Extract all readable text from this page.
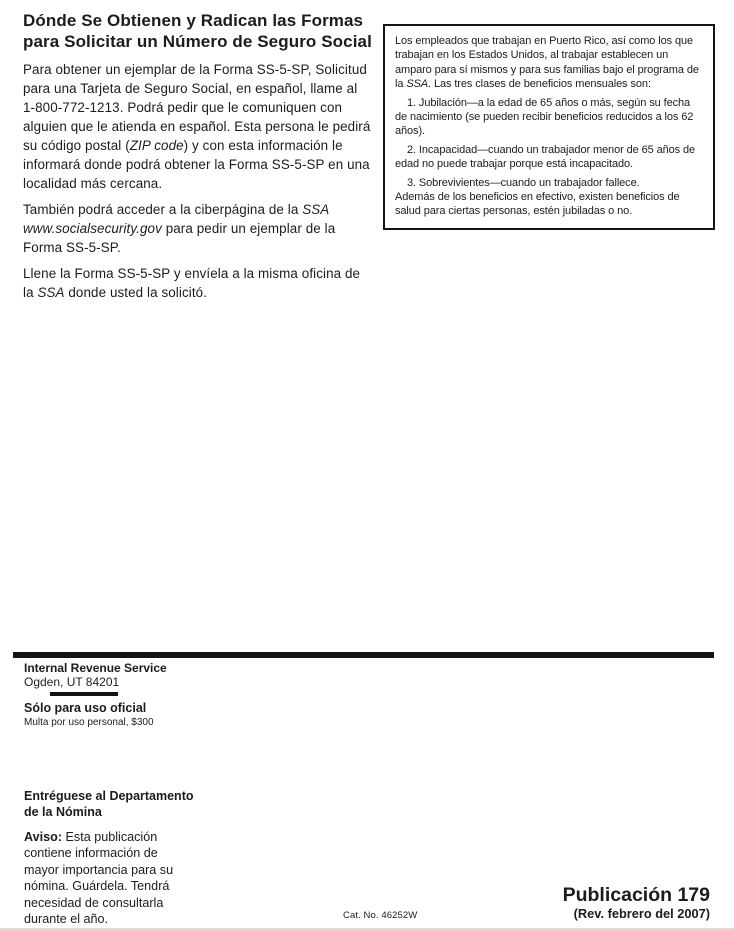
Dónde Se Obtienen y Radican las Formas
para Solicitar un Número de Seguro Social

Para obtener un ejemplar de la Forma SS-5-SP, Solicitud para una Tarjeta de Seguro Social, en español, llame al 1-800-772-1213. Podrá pedir que le comuniquen con alguien que le atienda en español. Esta persona le pedirá su código postal (ZIP code) y con esta información le informará donde podrá obtener la Forma SS-5-SP en una localidad más cercana.

También podrá acceder a la ciberpágina de la SSA www.socialsecurity.gov para pedir un ejemplar de la Forma SS-5-SP.

Llene la Forma SS-5-SP y envíela a la misma oficina de la SSA donde usted la solicitó.

Los empleados que trabajan en Puerto Rico, así como los que trabajan en los Estados Unidos, al trabajar establecen un amparo para sí mismos y para sus familias bajo el programa de la SSA. Las tres clases de beneficios mensuales son:

1. Jubilación—a la edad de 65 años o más, según su fecha de nacimiento (se pueden recibir beneficios reducidos a los 62 años).

2. Incapacidad—cuando un trabajador menor de 65 años de edad no puede trabajar porque está incapacitado.

3. Sobrevivientes—cuando un trabajador fallece.

Además de los beneficios en efectivo, existen beneficios de salud para ciertas personas, estén jubiladas o no.

Internal Revenue Service
Ogden, UT 84201
Sólo para uso oficial
Multa por uso personal, $300
Entréguese al Departamento
de la Nómina

Aviso: Esta publicación contiene información de mayor importancia para su nómina. Guárdela. Tendrá necesidad de consultarla durante el año.	Cat. No. 46252W
Publicación 179
(Rev. febrero del 2007)
